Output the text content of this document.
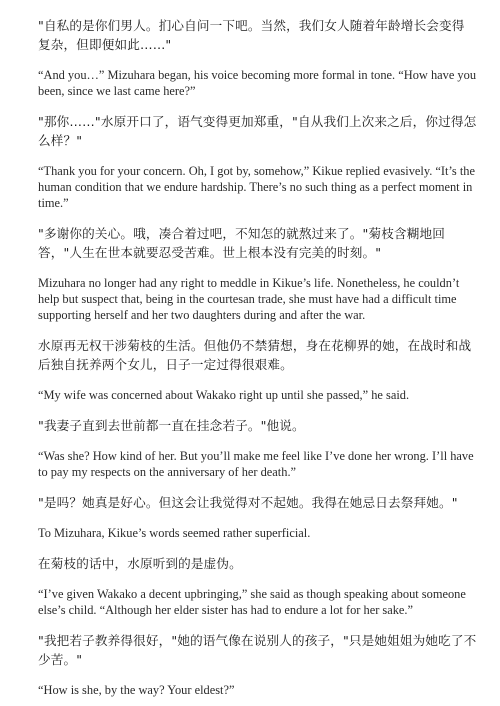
"自私的是你们男人。扪心自问一下吧。当然，我们女人随着年龄增长会变得复杂，但即便如此……"

“And you…” Mizuhara began, his voice becoming more formal in tone. “How have you been, since we last came here?”

"那你……"水原开口了，语气变得更加郑重，"自从我们上次来之后，你过得怎么样？"

“Thank you for your concern. Oh, I got by, somehow,” Kikue replied evasively. “It’s the human condition that we endure hardship. There’s no such thing as a perfect moment in time.”

"多谢你的关心。哦，凑合着过吧，不知怎的就熬过来了。"菊枝含糊地回答，"人生在世本就要忍受苦难。世上根本没有完美的时刻。"

Mizuhara no longer had any right to meddle in Kikue’s life. Nonetheless, he couldn’t help but suspect that, being in the courtesan trade, she must have had a difficult time supporting herself and her two daughters during and after the war.

水原再无权干涉菊枝的生活。但他仍不禁猜想，身在花柳界的她，在战时和战后独自抚养两个女儿，日子一定过得很艰难。

“My wife was concerned about Wakako right up until she passed,” he said.

"我妻子直到去世前都一直在挂念若子。"他说。

“Was she? How kind of her. But you’ll make me feel like I’ve done her wrong. I’ll have to pay my respects on the anniversary of her death.”

"是吗？她真是好心。但这会让我觉得对不起她。我得在她忌日去祭拜她。"

To Mizuhara, Kikue’s words seemed rather superficial.

在菊枝的话中，水原听到的是虚伪。

“I’ve given Wakako a decent upbringing,” she said as though speaking about someone else’s child. “Although her elder sister has had to endure a lot for her sake.”

"我把若子教养得很好，"她的语气像在说别人的孩子，"只是她姐姐为她吃了不少苦。"

“How is she, by the way? Your eldest?”
